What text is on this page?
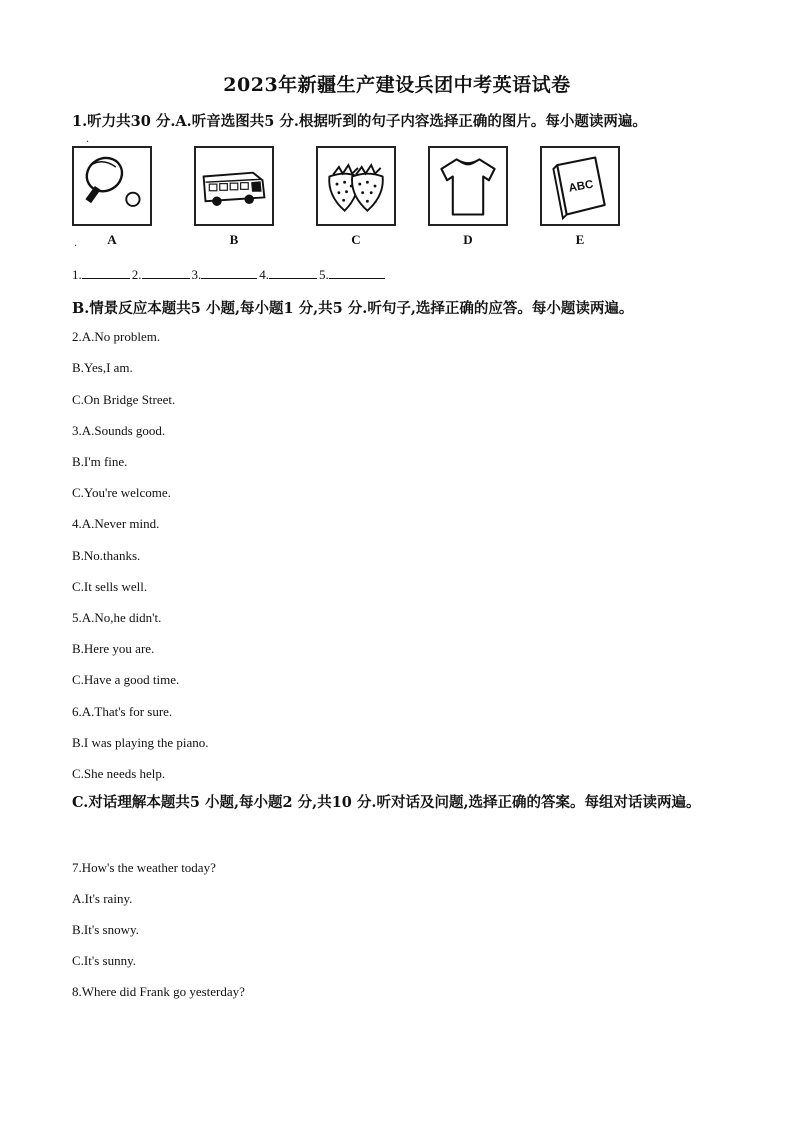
2023年新疆生产建设兵团中考英语试卷
1.听力共30 分.A.听音选图共5 分.根据听到的句子内容选择正确的图片。每小题读两遍。
.
A	B	C	D
ABC
E
.
1.	2.	3.	4.	5.
B.情景反应本题共5 小题,每小题1 分,共5 分.听句子,选择正确的应答。每小题读两遍。
2.A.No problem.
B.Yes,I am.
C.On Bridge Street.
3.A.Sounds good.
B.I'm fine.
C.You're welcome.
4.A.Never mind.
B.No.thanks.
C.It sells well.
5.A.No,he didn't.
B.Here you are.
C.Have a good time.
6.A.That's for sure.
B.I was playing the piano.
C.She needs help.
C.对话理解本题共5 小题,每小题2 分,共10 分.听对话及问题,选择正确的答案。每组对话读两遍。
7.How's the weather today?
A.It's rainy.
B.It's snowy.
C.It's sunny.
8.Where did Frank go yesterday?
